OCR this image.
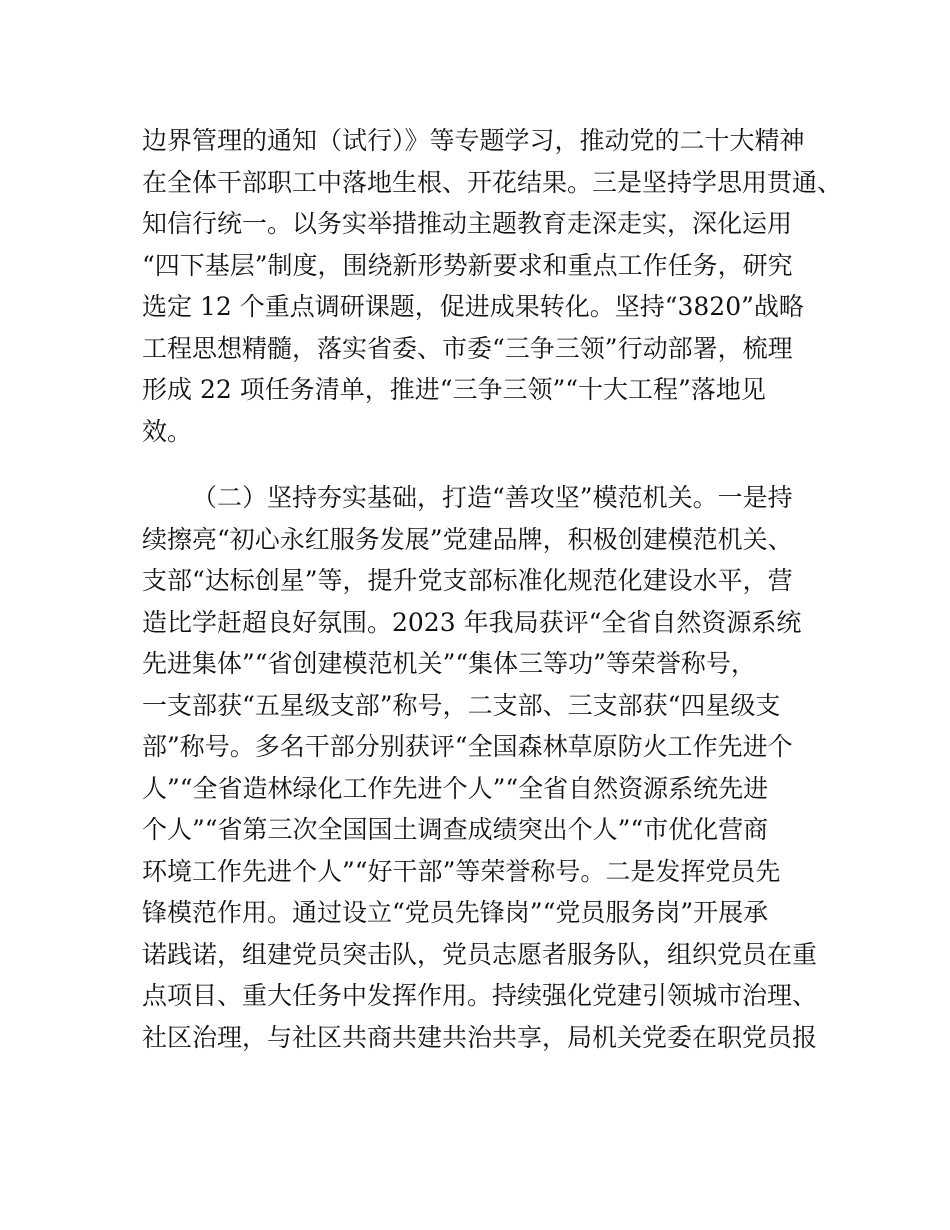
边界管理的通知（试行）》等专题学习，推动党的二十大精神
在全体干部职工中落地生根、开花结果。三是坚持学思用贯通、
知信行统一。以务实举措推动主题教育走深走实，深化运用
“四下基层”制度，围绕新形势新要求和重点工作任务，研究
选定 12 个重点调研课题，促进成果转化。坚持“3820”战略
工程思想精髓，落实省委、市委“三争三领”行动部署，梳理
形成 22 项任务清单，推进“三争三领”“十大工程”落地见
效。
（二）坚持夯实基础，打造“善攻坚”模范机关。一是持
续擦亮“初心永红服务发展”党建品牌，积极创建模范机关、
支部“达标创星”等，提升党支部标准化规范化建设水平，营
造比学赶超良好氛围。2023 年我局获评“全省自然资源系统
先进集体”“省创建模范机关”“集体三等功”等荣誉称号，
一支部获“五星级支部”称号，二支部、三支部获“四星级支
部”称号。多名干部分别获评“全国森林草原防火工作先进个
人”“全省造林绿化工作先进个人”“全省自然资源系统先进
个人”“省第三次全国国土调查成绩突出个人”“市优化营商
环境工作先进个人”“好干部”等荣誉称号。二是发挥党员先
锋模范作用。通过设立“党员先锋岗”“党员服务岗”开展承
诺践诺，组建党员突击队，党员志愿者服务队，组织党员在重
点项目、重大任务中发挥作用。持续强化党建引领城市治理、
社区治理，与社区共商共建共治共享，局机关党委在职党员报
